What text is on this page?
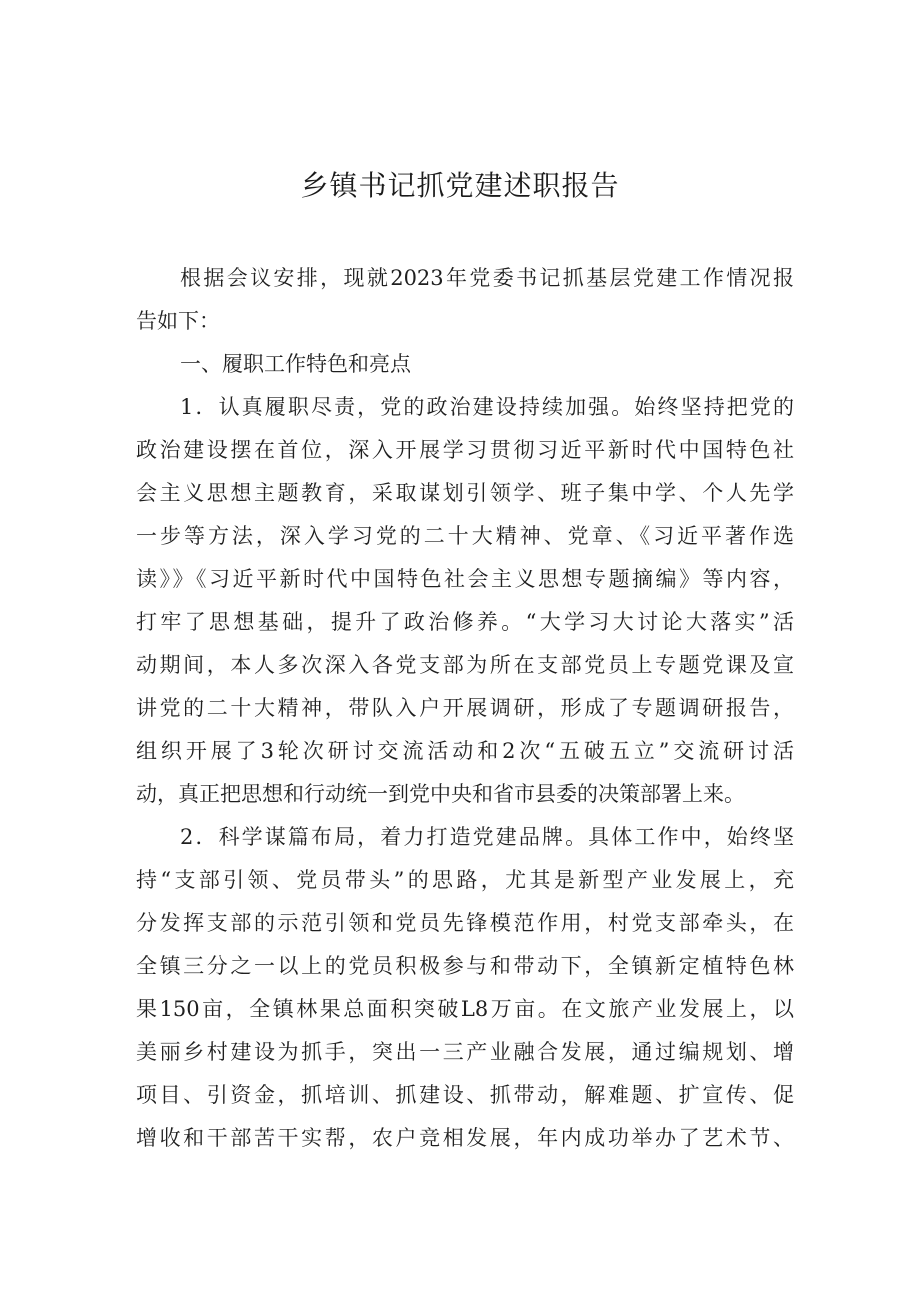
乡镇书记抓党建述职报告
根据会议安排，现就2023年党委书记抓基层党建工作情况报
告如下：
一、履职工作特色和亮点
1．认真履职尽责，党的政治建设持续加强。始终坚持把党的
政治建设摆在首位，深入开展学习贯彻习近平新时代中国特色社
会主义思想主题教育，采取谋划引领学、班子集中学、个人先学
一步等方法，深入学习党的二十大精神、党章、《习近平著作选
读》》《习近平新时代中国特色社会主义思想专题摘编》等内容，
打牢了思想基础，提升了政治修养。“大学习大讨论大落实”活
动期间，本人多次深入各党支部为所在支部党员上专题党课及宣
讲党的二十大精神，带队入户开展调研，形成了专题调研报告，
组织开展了3轮次研讨交流活动和2次“五破五立”交流研讨活
动，真正把思想和行动统一到党中央和省市县委的决策部署上来。
2．科学谋篇布局，着力打造党建品牌。具体工作中，始终坚
持“支部引领、党员带头”的思路，尤其是新型产业发展上，充
分发挥支部的示范引领和党员先锋模范作用，村党支部牵头，在
全镇三分之一以上的党员积极参与和带动下，全镇新定植特色林
果150亩，全镇林果总面积突破L8万亩。在文旅产业发展上，以
美丽乡村建设为抓手，突出一三产业融合发展，通过编规划、增
项目、引资金，抓培训、抓建设、抓带动，解难题、扩宣传、促
增收和干部苦干实帮，农户竞相发展，年内成功举办了艺术节、
